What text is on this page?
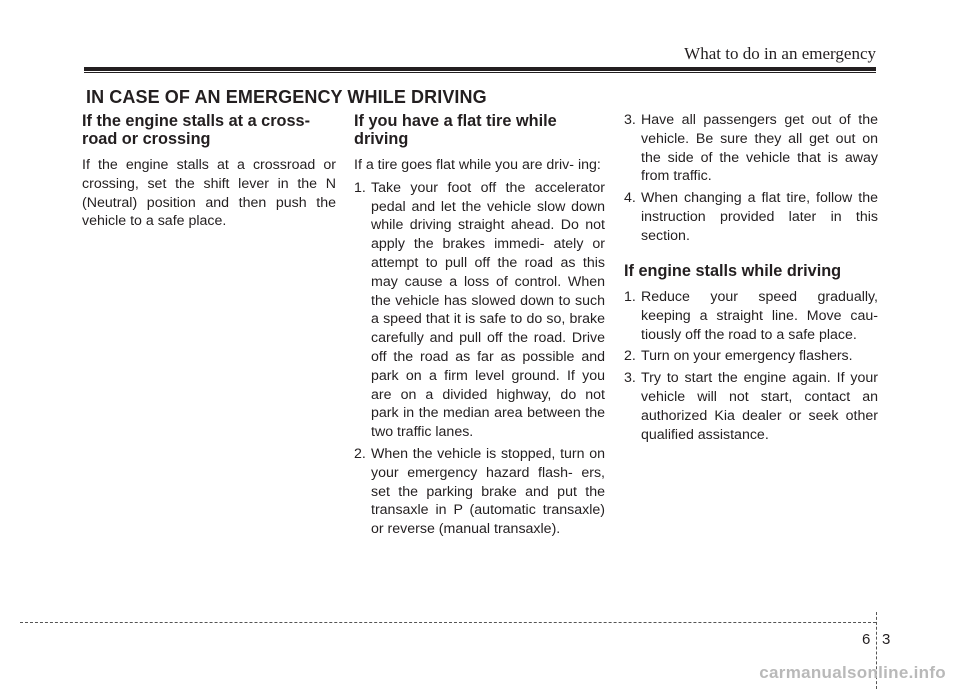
What to do in an emergency
IN CASE OF AN EMERGENCY WHILE DRIVING
If the engine stalls at a cross- road or crossing

If the engine stalls at a crossroad or crossing, set the shift lever in the N (Neutral) position and then push the vehicle to a safe place.

If you have a flat tire while driving

If a tire goes flat while you are driv- ing:

1. Take your foot off the accelerator pedal and let the vehicle slow down while driving straight ahead. Do not apply the brakes immedi- ately or attempt to pull off the road as this may cause a loss of control. When the vehicle has slowed down to such a speed that it is safe to do so, brake carefully and pull off the road. Drive off the road as far as possible and park on a firm level ground. If you are on a divided highway, do not park in the median area between the two traffic lanes.
2. When the vehicle is stopped, turn on your emergency hazard flash- ers, set the parking brake and put the transaxle in P (automatic transaxle) or reverse (manual transaxle).
3. Have all passengers get out of the vehicle. Be sure they all get out on the side of the vehicle that is away from traffic.
4. When changing a flat tire, follow the instruction provided later in this section.
If engine stalls while driving
1. Reduce your speed gradually, keeping a straight line. Move cau- tiously off the road to a safe place.
2. Turn on your emergency flashers.
3. Try to start the engine again. If your vehicle will not start, contact an authorized Kia dealer or seek other qualified assistance.
6 3
carmanualsonline.info
